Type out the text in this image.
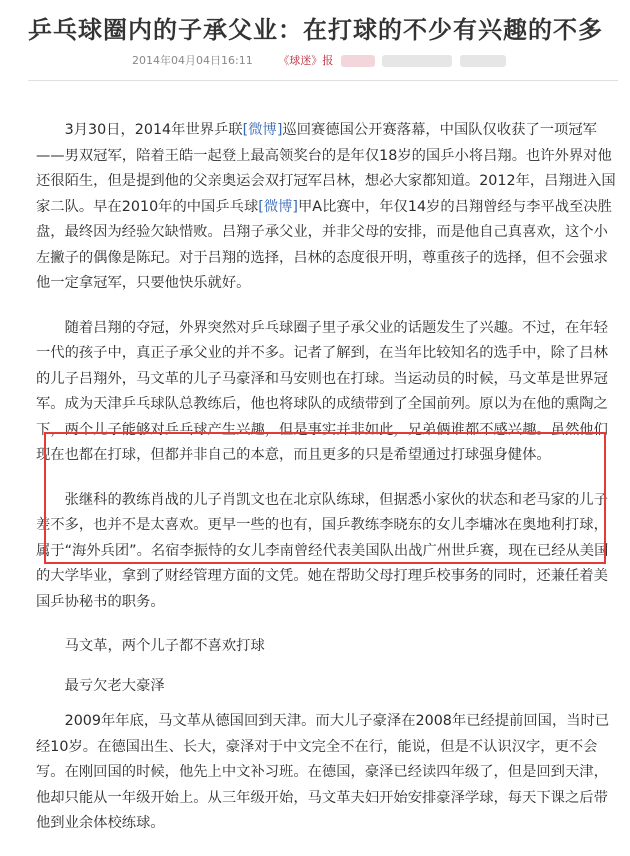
乒乓球圈内的子承父业：在打球的不少有兴趣的不多
2014年04月04日16:11 《球迷》报

3月30日，2014年世界乒联[微博]巡回赛德国公开赛落幕，中国队仅收获了一项冠军——男双冠军，陪着王皓一起登上最高领奖台的是年仅18岁的国乒小将吕翔。也许外界对他还很陌生，但是提到他的父亲奥运会双打冠军吕林，想必大家都知道。2012年，吕翔进入国家二队。早在2010年的中国乒乓球[微博]甲A比赛中，年仅14岁的吕翔曾经与李平战至决胜盘，最终因为经验欠缺惜败。吕翔子承父业，并非父母的安排，而是他自己真喜欢，这个小左撇子的偶像是陈玘。对于吕翔的选择，吕林的态度很开明，尊重孩子的选择，但不会强求他一定拿冠军，只要他快乐就好。

随着吕翔的夺冠，外界突然对乒乓球圈子里子承父业的话题发生了兴趣。不过，在年轻一代的孩子中，真正子承父业的并不多。记者了解到，在当年比较知名的选手中，除了吕林的儿子吕翔外，马文革的儿子马豪泽和马安则也在打球。当运动员的时候，马文革是世界冠军。成为天津乒乓球队总教练后，他也将球队的成绩带到了全国前列。原以为在他的熏陶之下，两个儿子能够对乒乓球产生兴趣，但是事实并非如此，兄弟俩谁都不感兴趣。虽然他们现在也都在打球，但都并非自己的本意，而且更多的只是希望通过打球强身健体。

张继科的教练肖战的儿子肖凯文也在北京队练球，但据悉小家伙的状态和老马家的儿子差不多，也并不是太喜欢。更早一些的也有，国乒教练李晓东的女儿李墉冰在奥地利打球，属于“海外兵团”。名宿李振恃的女儿李南曾经代表美国队出战广州世乒赛，现在已经从美国的大学毕业，拿到了财经管理方面的文凭。她在帮助父母打理乒校事务的同时，还兼任着美国乒协秘书的职务。

马文革，两个儿子都不喜欢打球

最亏欠老大豪泽

2009年年底，马文革从德国回到天津。而大儿子豪泽在2008年已经提前回国，当时已经10岁。在德国出生、长大，豪泽对于中文完全不在行，能说，但是不认识汉字，更不会写。在刚回国的时候，他先上中文补习班。在德国，豪泽已经读四年级了，但是回到天津，他却只能从一年级开始上。从三年级开始，马文革夫妇开始安排豪泽学球，每天下课之后带他到业余体校练球。
